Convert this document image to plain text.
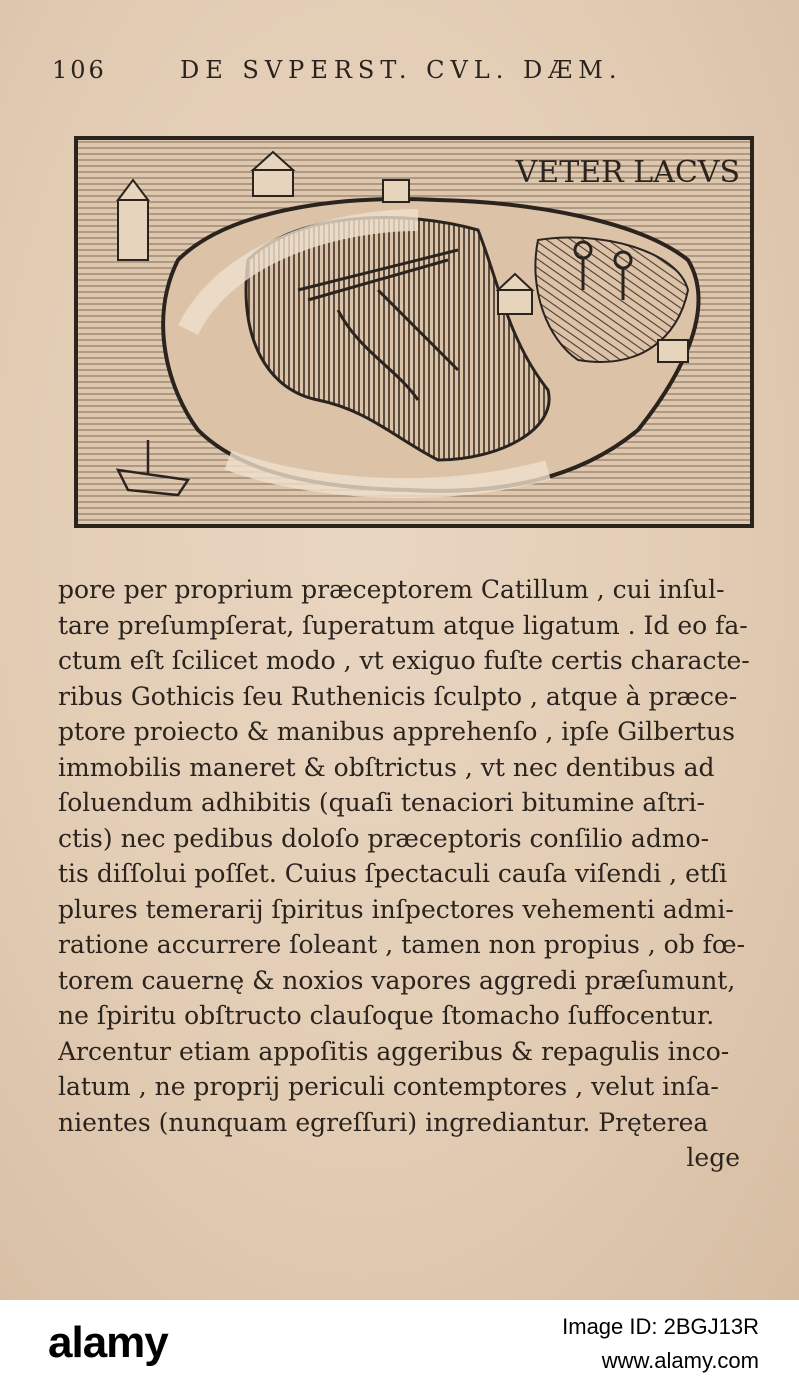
106	DE SVPERST. CVL. DÆM.
VETER LACVS
pore per proprium præceptorem Catillum , cui inſul-
tare preſumpſerat, ſuperatum atque ligatum . Id eo fa-
ctum eſt ſcilicet modo , vt exiguo fuſte certis characte-
ribus Gothicis ſeu Ruthenicis ſculpto , atque à præce-
ptore proiecto & manibus apprehenſo , ipſe Gilbertus
immobilis maneret & obſtrictus , vt nec dentibus ad
ſoluendum adhibitis (quaſi tenaciori bitumine aſtri-
ctis) nec pedibus doloſo præceptoris conſilio admo-
tis diſſolui poſſet. Cuius ſpectaculi cauſa viſendi , etſi
plures temerarij ſpiritus inſpectores vehementi admi-
ratione accurrere ſoleant , tamen non propius , ob fœ-
torem cauernę & noxios vapores aggredi præſumunt,
ne ſpiritu obſtructo clauſoque ſtomacho ſuffocentur.
Arcentur etiam appoſitis aggeribus & repagulis inco-
latum , ne proprij periculi contemptores , velut inſa-
nientes (nunquam egreſſuri) ingrediantur. Pręterea
lege
alamy	Image ID: 2BGJ13R
www.alamy.com
